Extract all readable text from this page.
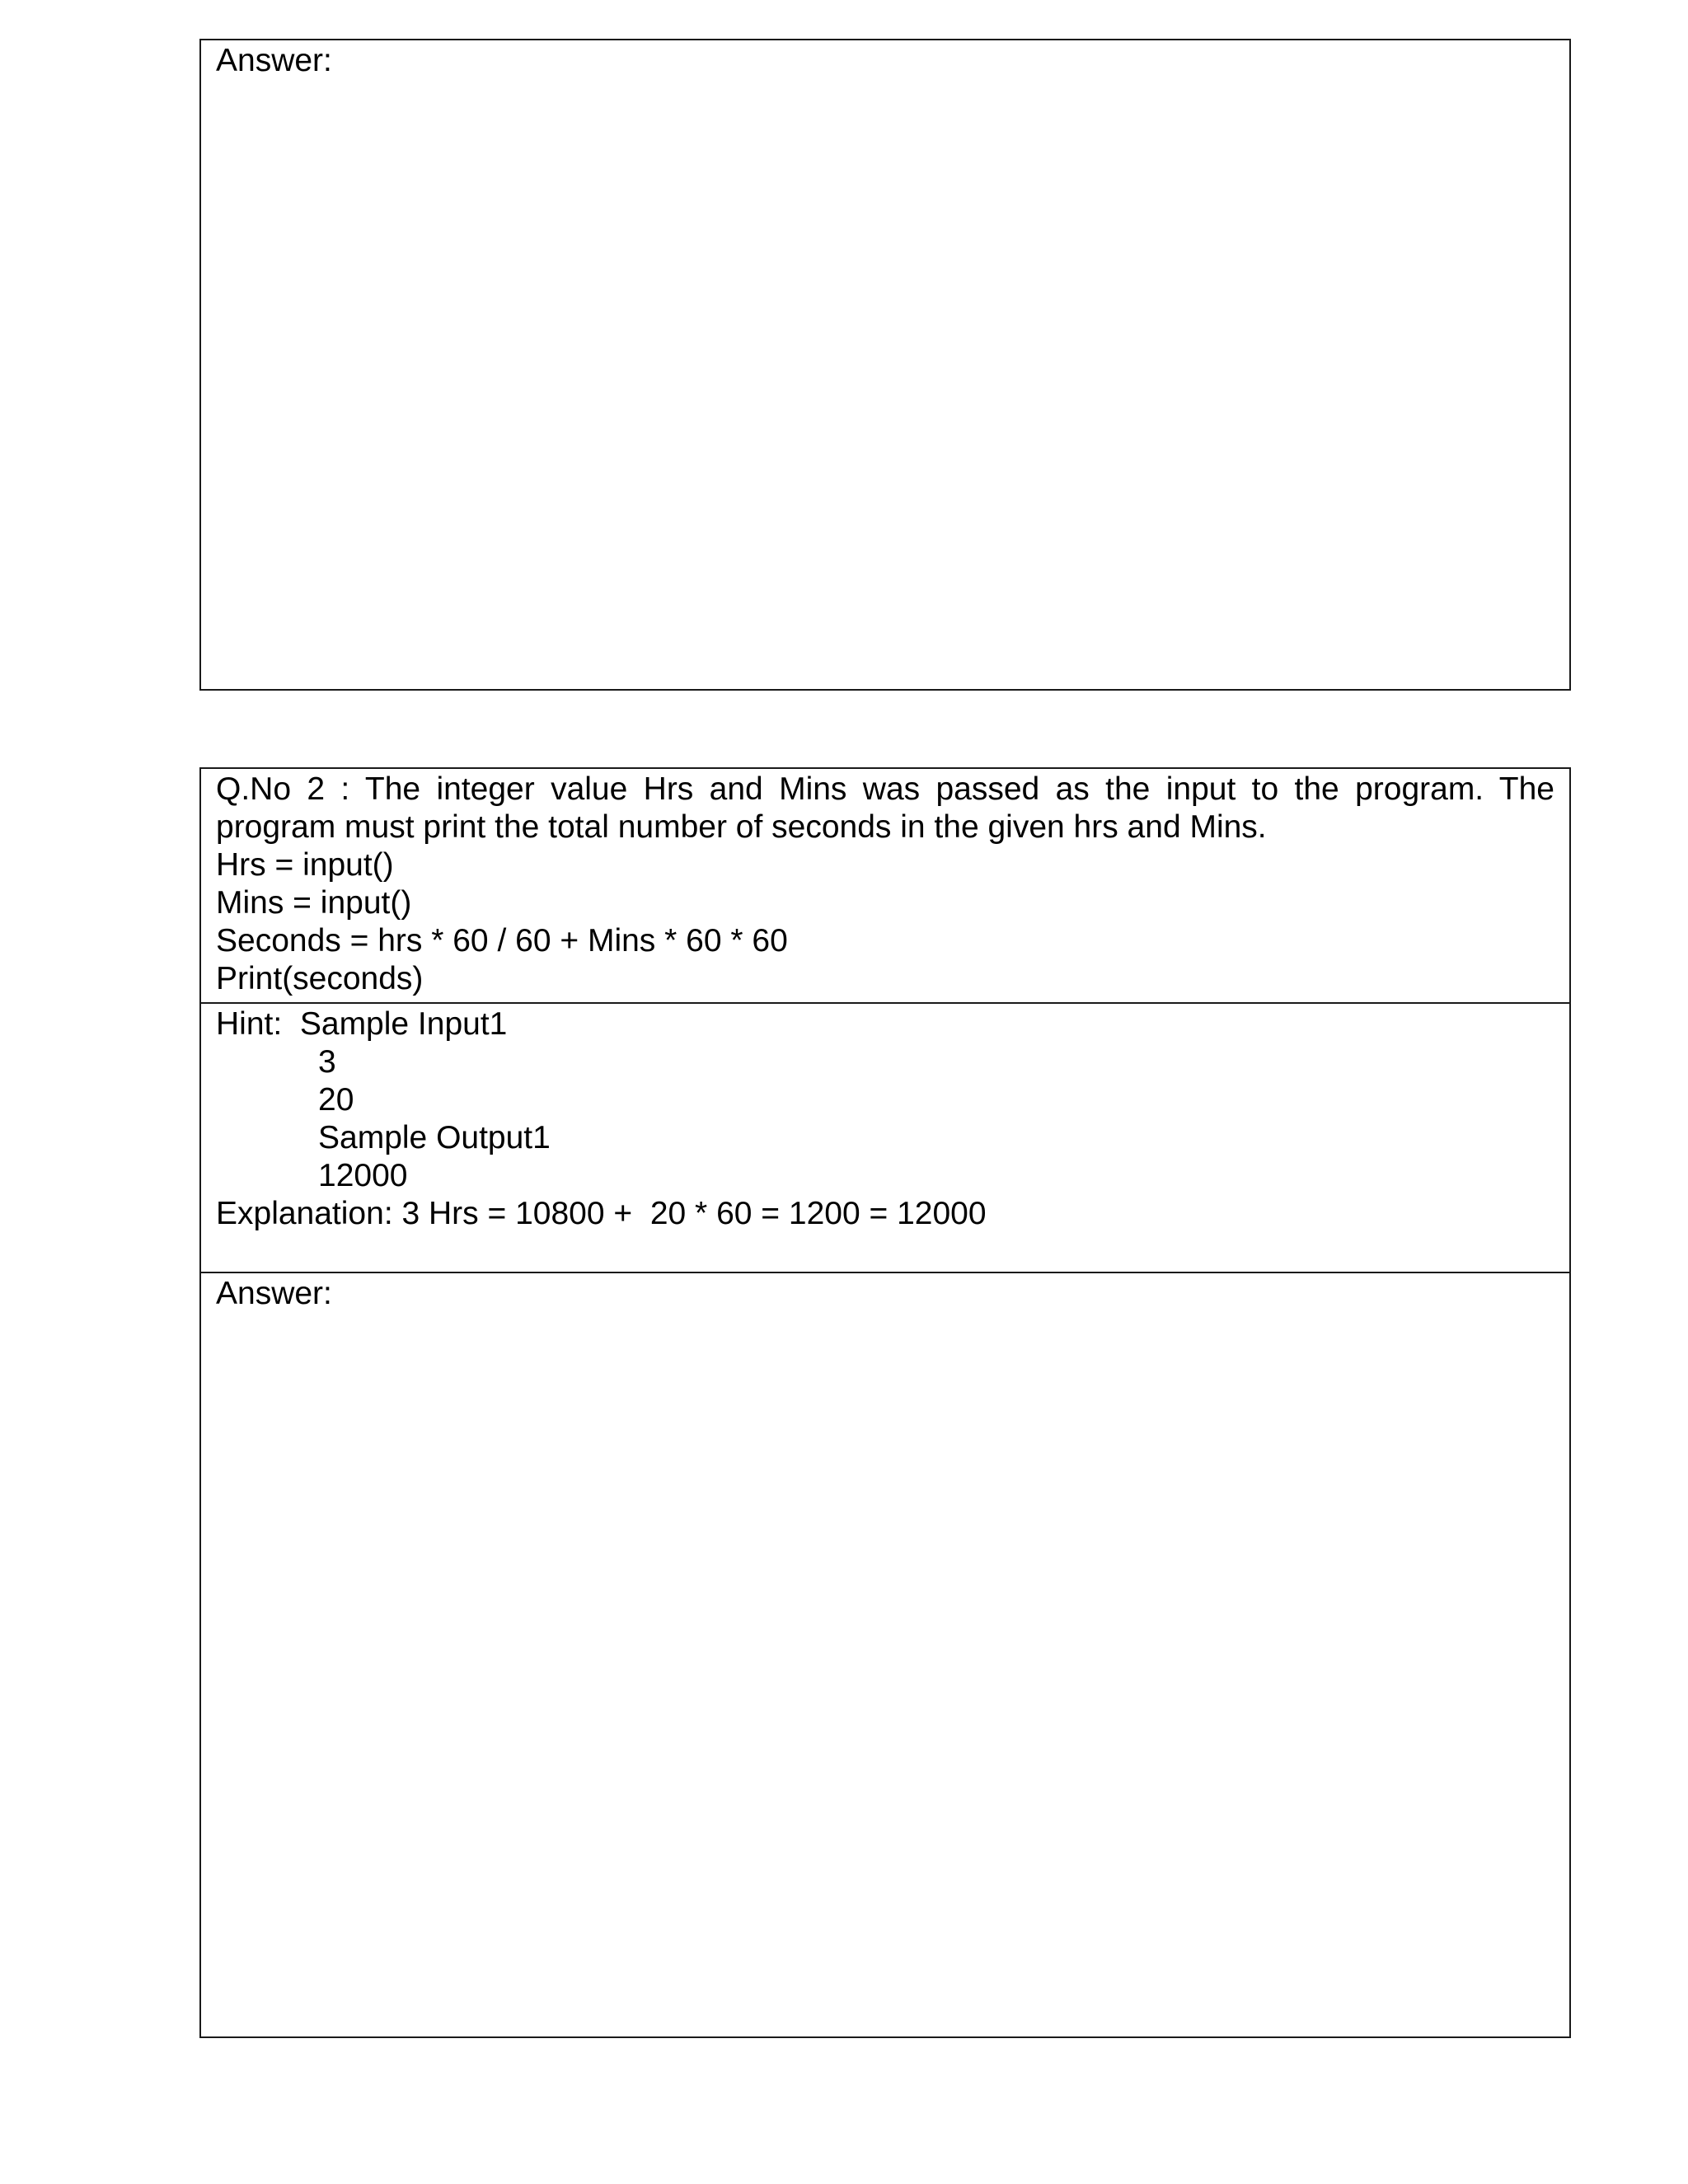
Answer:
Q.No 2 : The integer value Hrs and Mins was passed as the input to the program. The
program must print the total number of seconds in the given hrs and Mins.
Hrs = input()
Mins = input()
Seconds = hrs * 60 / 60 + Mins * 60 * 60
Print(seconds)
Hint:  Sample Input1
3
20
Sample Output1
12000
Explanation: 3 Hrs = 10800 +  20 * 60 = 1200 = 12000
Answer:
